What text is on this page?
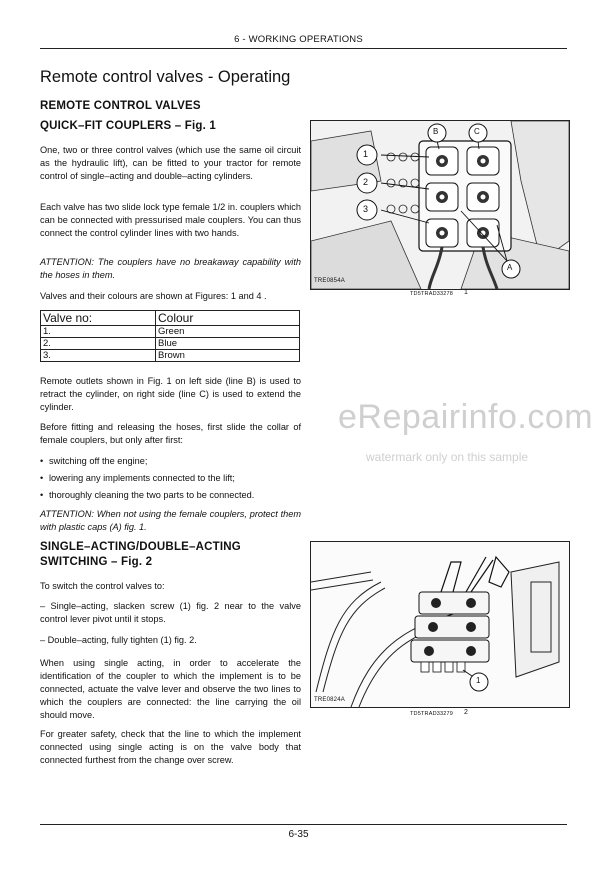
6 - WORKING OPERATIONS
Remote control valves - Operating
REMOTE CONTROL VALVES
QUICK–FIT COUPLERS – Fig. 1
One, two or three control valves (which use the same oil circuit as the hydraulic lift), can be fitted to your tractor for remote control of single–acting and double–acting cylinders.
Each valve has two slide lock type female 1/2 in. couplers which can be connected with pressurised male couplers. You can thus connect the control cylinder lines with two hands.
ATTENTION: The couplers have no breakaway capability with the hoses in them.
Valves and their colours are shown at Figures: 1 and 4 .
Valve no:	Colour
1.	Green
2.	Blue
3.	Brown
Remote outlets shown in Fig. 1 on left side (line B) is used to retract the cylinder, on right side (line C) is used to extend the cylinder.
Before fitting and releasing the hoses, first slide the collar of female couplers, but only after first:
• switching off the engine;
• lowering any implements connected to the lift;
• thoroughly cleaning the two parts to be connected.
ATTENTION: When not using the female couplers, protect them with plastic caps (A) fig. 1.
SINGLE–ACTING/DOUBLE–ACTING
SWITCHING – Fig. 2
To switch the control valves to:
– Single–acting, slacken screw (1) fig. 2 near to the valve control lever pivot until it stops.
– Double–acting, fully tighten (1) fig. 2.
When using single acting, in order to accelerate the identification of the coupler to which the implement is to be connected, actuate the valve lever and observe the two lines to which the couplers are connected: the line carrying the oil should move.
For greater safety, check that the line to which the implement connected using single acting is on the valve body that connected furthest from the change over screw.
1
2
3
B	C
A
TRE0854A
TD5TRAD33278 1
eRepairinfo.com
watermark only on this sample
1
TRE0824A
TD5TRAD33279 2
6-35
